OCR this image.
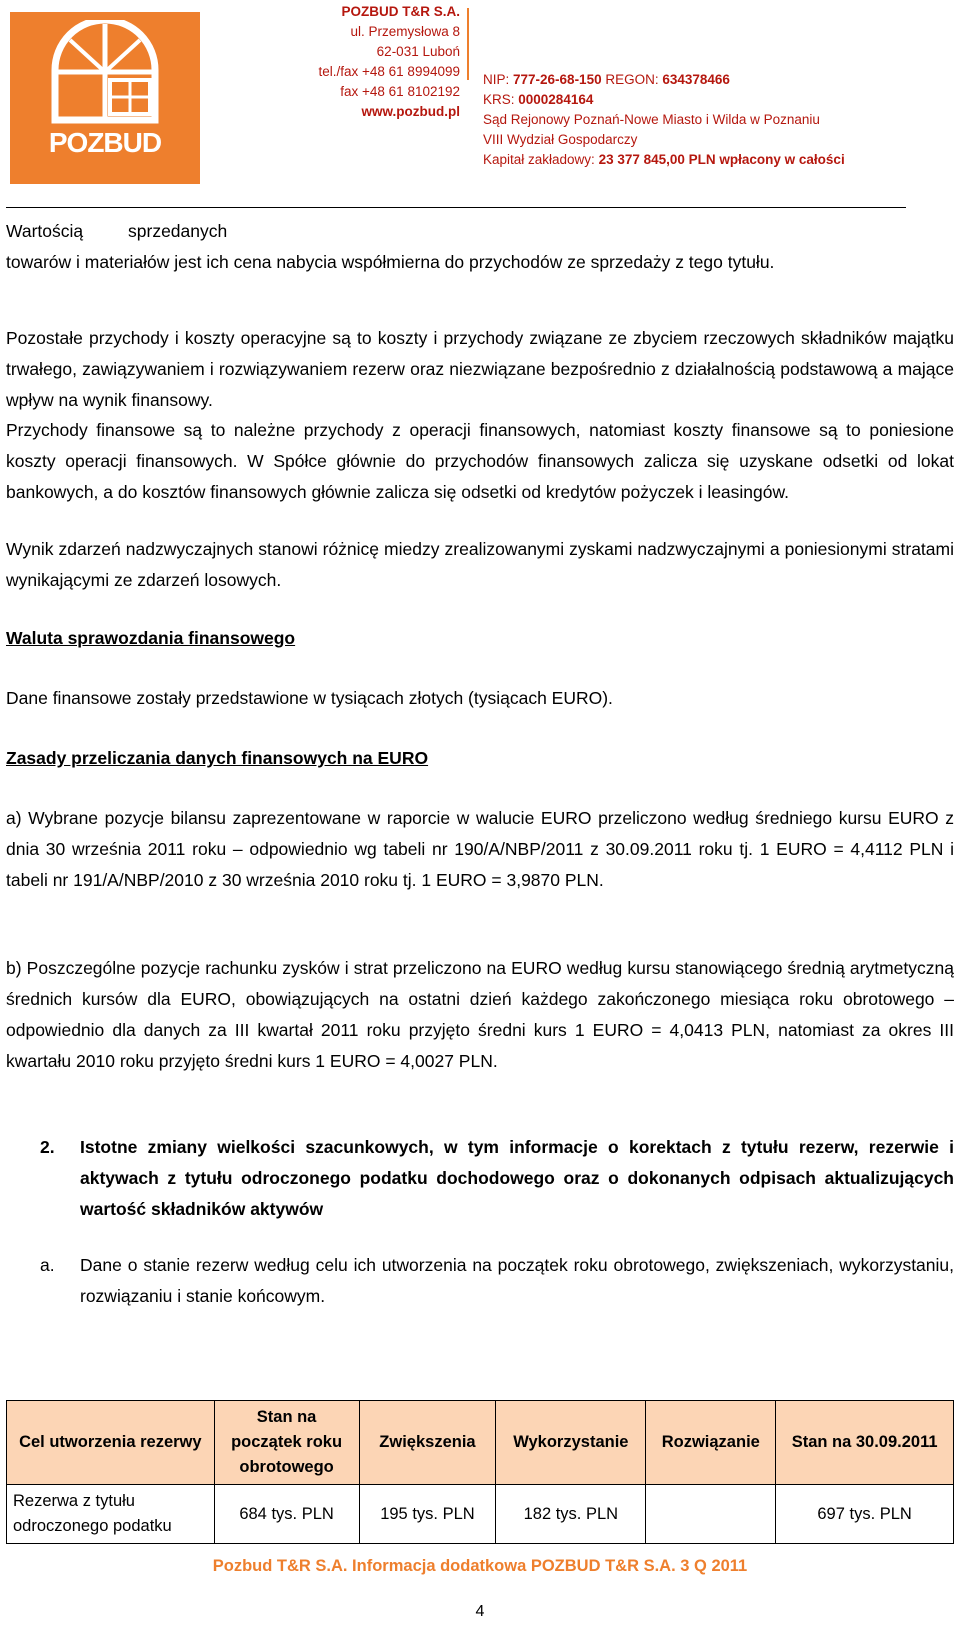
POZBUD
POZBUD T&R S.A.
ul. Przemysłowa 8
62-031 Luboń
tel./fax +48 61 8994099
fax +48 61 8102192
www.pozbud.pl
NIP: 777-26-68-150 REGON: 634378466
KRS: 0000284164
Sąd Rejonowy Poznań-Nowe Miasto i Wilda w Poznaniu
VIII Wydział Gospodarczy
Kapitał zakładowy: 23 377 845,00 PLN wpłacony w całości
Wartością sprzedanych
towarów i materiałów jest ich cena nabycia współmierna do przychodów ze sprzedaży z tego tytułu.
Pozostałe przychody i koszty operacyjne są to koszty i przychody związane ze zbyciem rzeczowych składników majątku trwałego, zawiązywaniem i rozwiązywaniem rezerw oraz niezwiązane bezpośrednio z działalnością podstawową a mające wpływ na wynik finansowy.
Przychody finansowe są to należne przychody z operacji finansowych, natomiast koszty finansowe są to poniesione koszty operacji finansowych. W Spółce głównie do przychodów finansowych zalicza się uzyskane odsetki od lokat bankowych, a do kosztów finansowych głównie zalicza się odsetki od kredytów pożyczek i leasingów.
Wynik zdarzeń nadzwyczajnych stanowi różnicę miedzy zrealizowanymi zyskami nadzwyczajnymi a poniesionymi stratami wynikającymi ze zdarzeń losowych.
Waluta sprawozdania finansowego
Dane finansowe zostały przedstawione w tysiącach złotych (tysiącach EURO).
Zasady przeliczania danych finansowych na EURO
a) Wybrane pozycje bilansu zaprezentowane w raporcie w walucie EURO przeliczono według średniego kursu EURO z dnia 30 września 2011 roku – odpowiednio wg tabeli nr 190/A/NBP/2011 z 30.09.2011 roku tj. 1 EURO = 4,4112 PLN i tabeli nr 191/A/NBP/2010 z 30 września 2010 roku tj. 1 EURO = 3,9870 PLN.
b) Poszczególne pozycje rachunku zysków i strat przeliczono na EURO według kursu stanowiącego średnią arytmetyczną średnich kursów dla EURO, obowiązujących na ostatni dzień każdego zakończonego miesiąca roku obrotowego – odpowiednio dla danych za III kwartał 2011 roku przyjęto średni kurs 1 EURO = 4,0413 PLN, natomiast za okres III kwartału 2010 roku przyjęto średni kurs 1 EURO = 4,0027 PLN.
2. Istotne zmiany wielkości szacunkowych, w tym informacje o korektach z tytułu rezerw, rezerwie i aktywach z tytułu odroczonego podatku dochodowego oraz o dokonanych odpisach aktualizujących wartość składników aktywów
a. Dane o stanie rezerw według celu ich utworzenia na początek roku obrotowego, zwiększeniach, wykorzystaniu, rozwiązaniu i stanie końcowym.
Cel utworzenia rezerwy	Stan na początek roku obrotowego	Zwiększenia	Wykorzystanie	Rozwiązanie	Stan na 30.09.2011
Rezerwa z tytułu odroczonego podatku	684 tys. PLN	195 tys. PLN	182 tys. PLN		697 tys. PLN
Pozbud T&R S.A. Informacja dodatkowa POZBUD T&R S.A. 3 Q 2011
4
